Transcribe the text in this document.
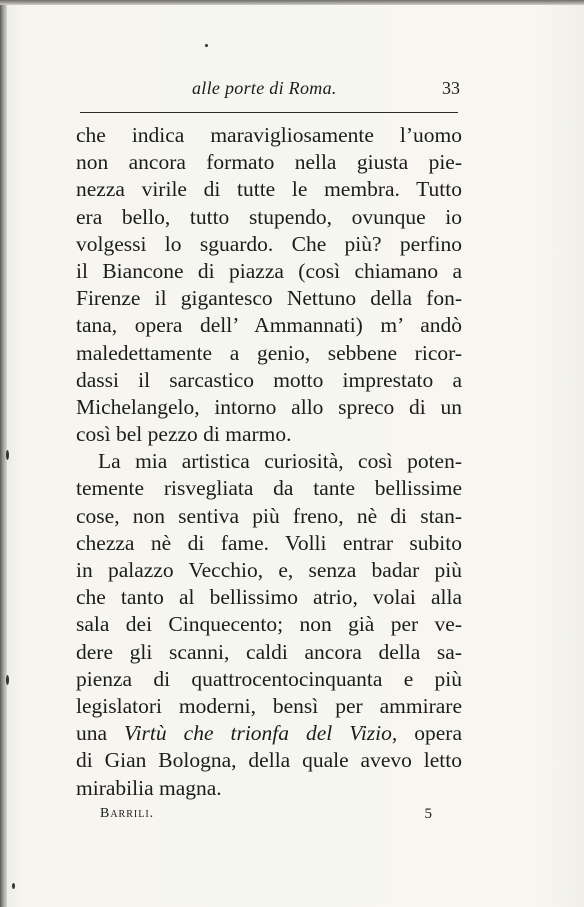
alle porte di Roma.	33
che indica maravigliosamente l’uomo
non ancora formato nella giusta pie-
nezza virile di tutte le membra. Tutto
era bello, tutto stupendo, ovunque io
volgessi lo sguardo. Che più? perfino
il Biancone di piazza (così chiamano a
Firenze il gigantesco Nettuno della fon-
tana, opera dell’ Ammannati) m’ andò
maledettamente a genio, sebbene ricor-
dassi il sarcastico motto imprestato a
Michelangelo, intorno allo spreco di un
così bel pezzo di marmo.
La mia artistica curiosità, così poten-
temente risvegliata da tante bellissime
cose, non sentiva più freno, nè di stan-
chezza nè di fame. Volli entrar subito
in palazzo Vecchio, e, senza badar più
che tanto al bellissimo atrio, volai alla
sala dei Cinquecento; non già per ve-
dere gli scanni, caldi ancora della sa-
pienza di quattrocentocinquanta e più
legislatori moderni, bensì per ammirare
una Virtù che trionfa del Vizio, opera
di Gian Bologna, della quale avevo letto
mirabilia magna.
Barrili.	5
